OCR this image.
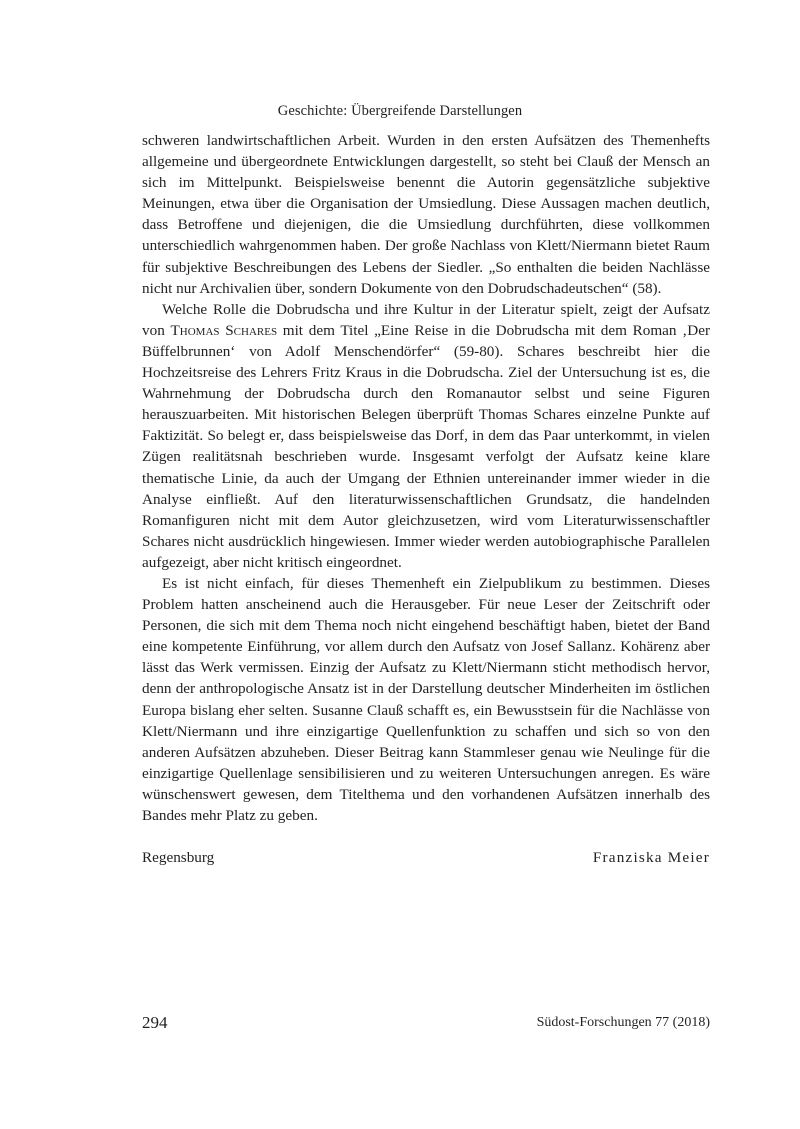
Geschichte: Übergreifende Darstellungen

schweren landwirtschaftlichen Arbeit. Wurden in den ersten Aufsätzen des Themenhefts allgemeine und übergeordnete Entwicklungen dargestellt, so steht bei Clauß der Mensch an sich im Mittelpunkt. Beispielsweise benennt die Autorin gegensätzliche subjektive Meinungen, etwa über die Organisation der Umsiedlung. Diese Aussagen machen deutlich, dass Betroffene und diejenigen, die die Umsiedlung durchführten, diese vollkommen unterschiedlich wahrgenommen haben. Der große Nachlass von Klett/Niermann bietet Raum für subjektive Beschreibungen des Lebens der Siedler. „So enthalten die beiden Nachlässe nicht nur Archivalien über, sondern Dokumente von den Dobrudschadeutschen“ (58).

Welche Rolle die Dobrudscha und ihre Kultur in der Literatur spielt, zeigt der Aufsatz von Thomas Schares mit dem Titel „Eine Reise in die Dobrudscha mit dem Roman ‚Der Büffelbrunnen‘ von Adolf Menschendörfer“ (59-80). Schares beschreibt hier die Hochzeitsreise des Lehrers Fritz Kraus in die Dobrudscha. Ziel der Untersuchung ist es, die Wahrnehmung der Dobrudscha durch den Romanautor selbst und seine Figuren herauszuarbeiten. Mit historischen Belegen überprüft Thomas Schares einzelne Punkte auf Faktizität. So belegt er, dass beispielsweise das Dorf, in dem das Paar unterkommt, in vielen Zügen realitätsnah beschrieben wurde. Insgesamt verfolgt der Aufsatz keine klare thematische Linie, da auch der Umgang der Ethnien untereinander immer wieder in die Analyse einfließt. Auf den literaturwissenschaftlichen Grundsatz, die handelnden Romanfiguren nicht mit dem Autor gleichzusetzen, wird vom Literaturwissenschaftler Schares nicht ausdrücklich hingewiesen. Immer wieder werden autobiographische Parallelen aufgezeigt, aber nicht kritisch eingeordnet.

Es ist nicht einfach, für dieses Themenheft ein Zielpublikum zu bestimmen. Dieses Problem hatten anscheinend auch die Herausgeber. Für neue Leser der Zeitschrift oder Personen, die sich mit dem Thema noch nicht eingehend beschäftigt haben, bietet der Band eine kompetente Einführung, vor allem durch den Aufsatz von Josef Sallanz. Kohärenz aber lässt das Werk vermissen. Einzig der Aufsatz zu Klett/Niermann sticht methodisch hervor, denn der anthropologische Ansatz ist in der Darstellung deutscher Minderheiten im östlichen Europa bislang eher selten. Susanne Clauß schafft es, ein Bewusstsein für die Nachlässe von Klett/Niermann und ihre einzigartige Quellenfunktion zu schaffen und sich so von den anderen Aufsätzen abzuheben. Dieser Beitrag kann Stammleser genau wie Neulinge für die einzigartige Quellenlage sensibilisieren und zu weiteren Untersuchungen anregen. Es wäre wünschenswert gewesen, dem Titelthema und den vorhandenen Aufsätzen innerhalb des Bandes mehr Platz zu geben.

Regensburg	Franziska Meier
294	Südost-Forschungen 77 (2018)
